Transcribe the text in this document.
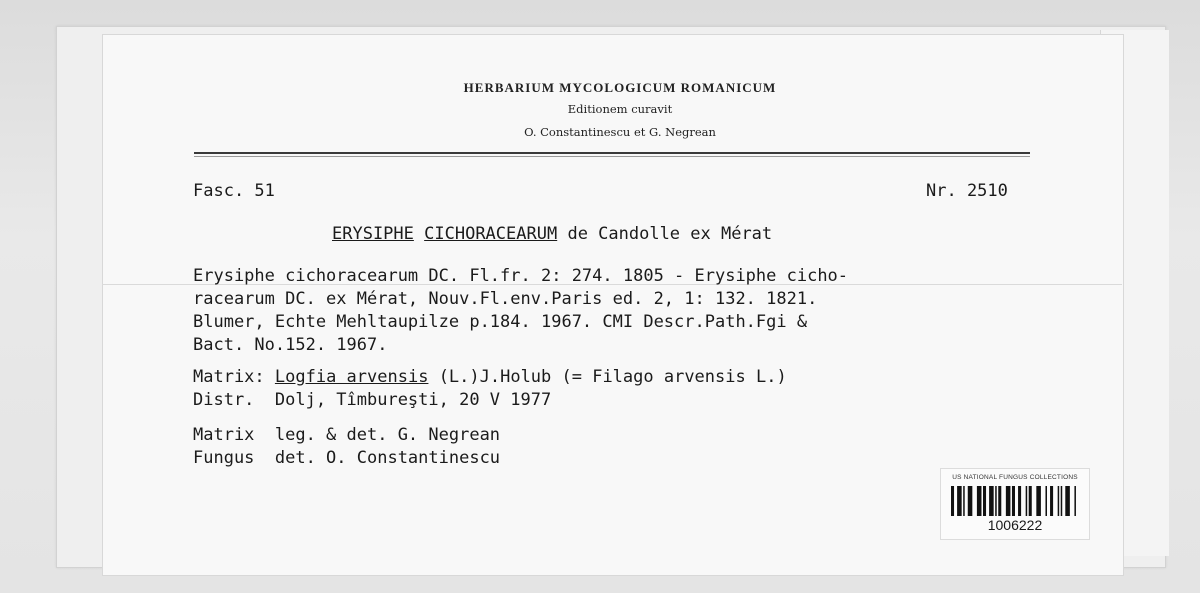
HERBARIUM MYCOLOGICUM ROMANICUM
Editionem curavit
O. Constantinescu et G. Negrean
Fasc. 51	Nr. 2510
ERYSIPHE CICHORACEARUM de Candolle ex Mérat
Erysiphe cichoracearum DC. Fl.fr. 2: 274. 1805 - Erysiphe cicho-
racearum DC. ex Mérat, Nouv.Fl.env.Paris ed. 2, 1: 132. 1821.
Blumer, Echte Mehltaupilze p.184. 1967. CMI Descr.Path.Fgi &
Bact. No.152. 1967.
Matrix: Logfia arvensis (L.)J.Holub (= Filago arvensis L.)
Distr.  Dolj, Tîmbureşti, 20 V 1977
Matrix  leg. & det. G. Negrean
Fungus  det. O. Constantinescu
US NATIONAL FUNGUS COLLECTIONS
1006222
